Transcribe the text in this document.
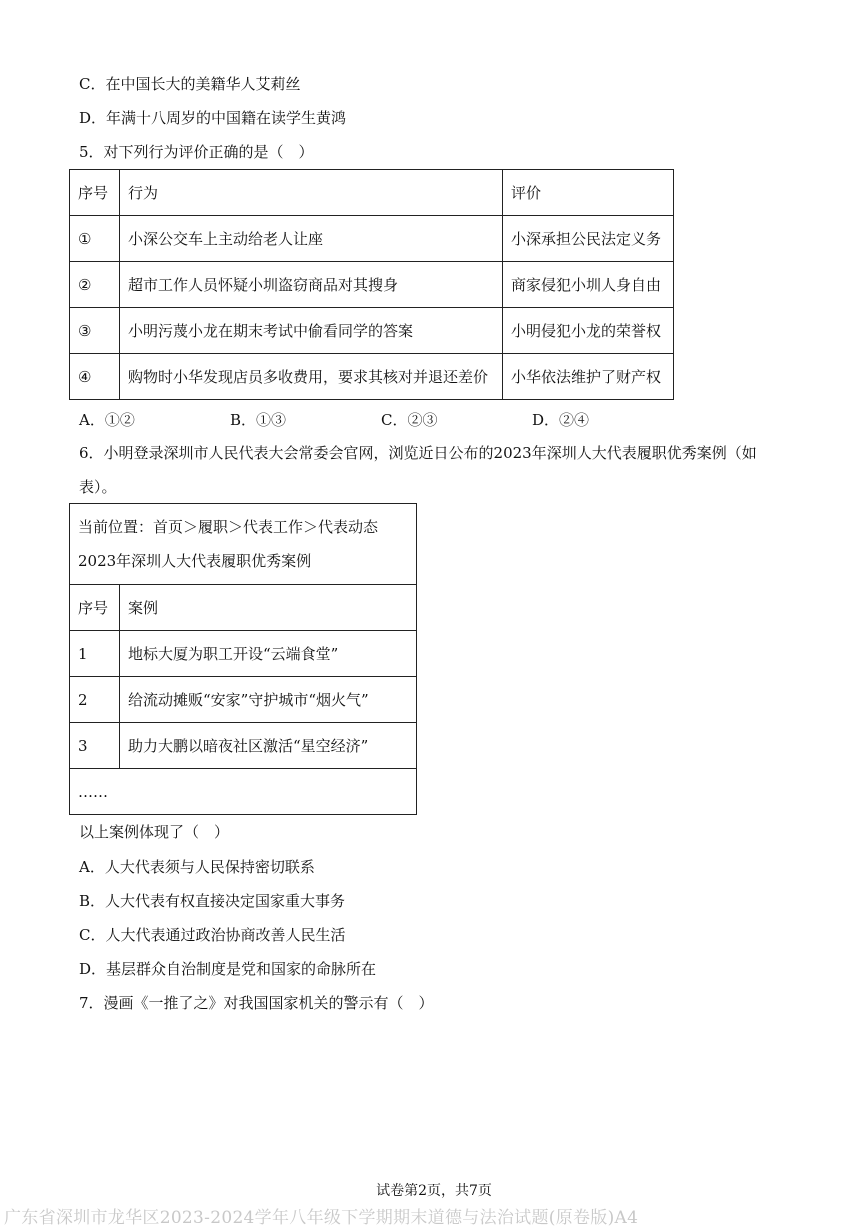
C．在中国长大的美籍华人艾莉丝
D．年满十八周岁的中国籍在读学生黄鸿
5．对下列行为评价正确的是（　）
序号	行为	评价
①	小深公交车上主动给老人让座	小深承担公民法定义务
②	超市工作人员怀疑小圳盗窃商品对其搜身	商家侵犯小圳人身自由
③	小明污蔑小龙在期末考试中偷看同学的答案	小明侵犯小龙的荣誉权
④	购物时小华发现店员多收费用，要求其核对并退还差价	小华依法维护了财产权
A．①②	B．①③	C．②③	D．②④
6．小明登录深圳市人民代表大会常委会官网，浏览近日公布的2023年深圳人大代表履职优秀案例（如
表）。
当前位置：首页＞履职＞代表工作＞代表动态
2023年深圳人大代表履职优秀案例	

序号	案例
1	地标大厦为职工开设“云端食堂”
2	给流动摊贩“安家”守护城市“烟火气”
3	助力大鹏以暗夜社区激活“星空经济”
……	
以上案例体现了（　）
A．人大代表须与人民保持密切联系
B．人大代表有权直接决定国家重大事务
C．人大代表通过政治协商改善人民生活
D．基层群众自治制度是党和国家的命脉所在
7．漫画《一推了之》对我国国家机关的警示有（　）
试卷第2页，共7页
广东省深圳市龙华区2023-2024学年八年级下学期期末道德与法治试题(原卷版)A4
